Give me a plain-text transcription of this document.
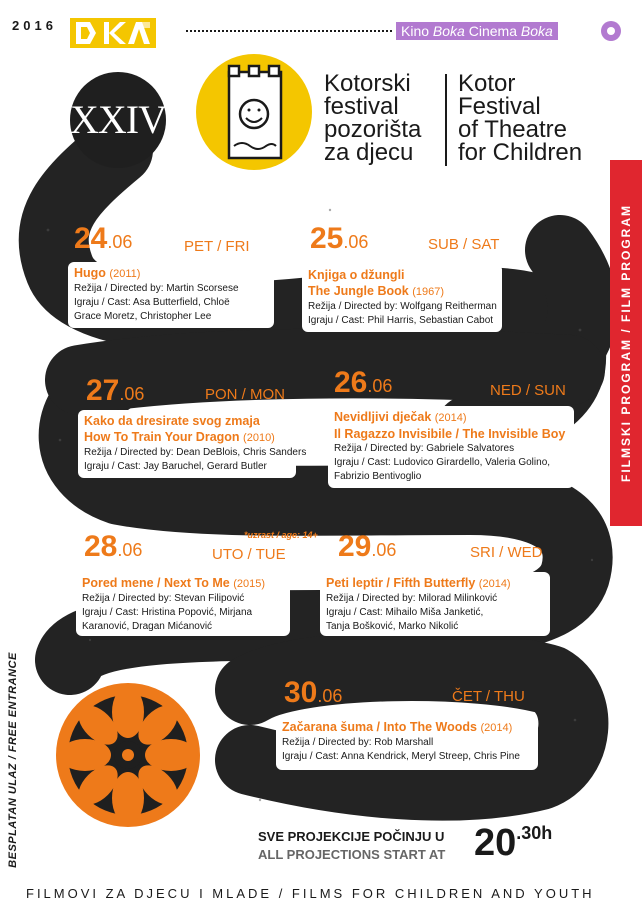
2016	Kino Boka Cinema Boka
XXIV
Kotorski
festival
pozorišta
za djecu
Kotor
Festival
of Theatre
for Children
FILMSKI PROGRAM / FILM PROGRAM
BESPLATAN ULAZ / FREE ENTRANCE
24.06	PET / FRI
Hugo (2011)
Režija / Directed by: Martin Scorsese
Igraju / Cast: Asa Butterfield, Chloë
Grace Moretz, Christopher Lee
25.06	SUB / SAT
Knjiga o džungli
The Jungle Book (1967)
Režija / Directed by: Wolfgang Reitherman
Igraju / Cast: Phil Harris, Sebastian Cabot
27.06	PON / MON
Kako da dresirate svog zmaja
How To Train Your Dragon (2010)
Režija / Directed by: Dean DeBlois, Chris Sanders
Igraju / Cast: Jay Baruchel, Gerard Butler
26.06	NED / SUN
Nevidljivi dječak (2014)
Il Ragazzo Invisibile / The Invisible Boy
Režija / Directed by: Gabriele Salvatores
Igraju / Cast: Ludovico Girardello, Valeria Golino,
Fabrizio Bentivoglio
*uzrast / age: 14+
28.06	UTO / TUE
Pored mene / Next To Me (2015)
Režija / Directed by: Stevan Filipović
Igraju / Cast: Hristina Popović, Mirjana
Karanović, Dragan Mićanović
29.06	SRI / WED
Peti leptir / Fifth Butterfly (2014)
Režija / Directed by: Milorad Milinković
Igraju / Cast: Mihailo Miša Janketić,
Tanja Bošković, Marko Nikolić
30.06	ČET / THU
Začarana šuma / Into The Woods (2014)
Režija / Directed by: Rob Marshall
Igraju / Cast: Anna Kendrick, Meryl Streep, Chris Pine
SVE PROJEKCIJE POČINJU U
ALL PROJECTIONS START AT 20.30h
FILMOVI ZA DJECU I MLADE / FILMS FOR CHILDREN AND YOUTH
